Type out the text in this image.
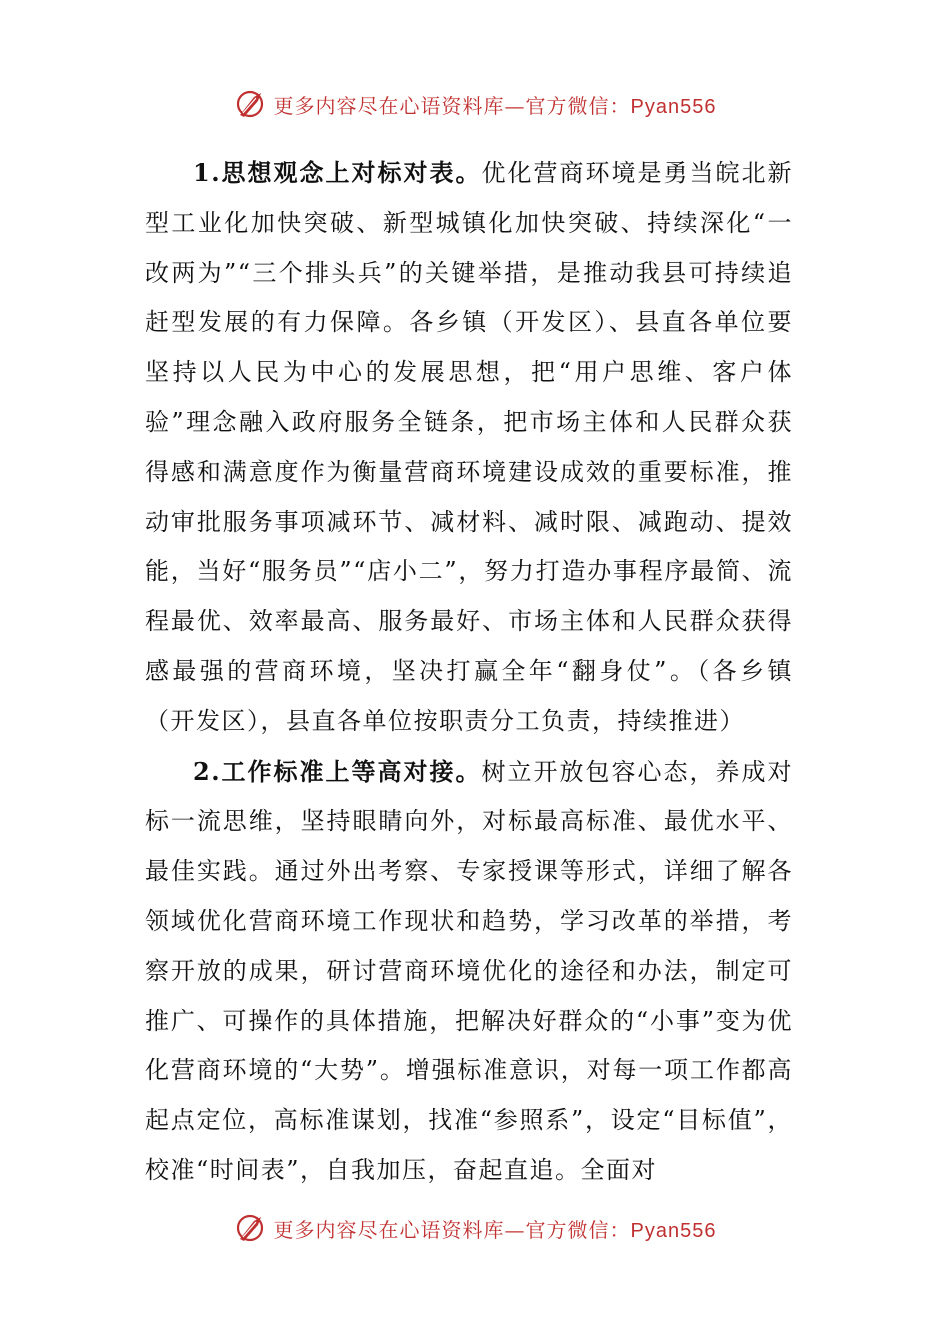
更多内容尽在心语资料库—官方微信：Pyan556

1.思想观念上对标对表。优化营商环境是勇当皖北新型工业化加快突破、新型城镇化加快突破、持续深化“一改两为”“三个排头兵”的关键举措，是推动我县可持续追赶型发展的有力保障。各乡镇（开发区）、县直各单位要坚持以人民为中心的发展思想，把“用户思维、客户体验”理念融入政府服务全链条，把市场主体和人民群众获得感和满意度作为衡量营商环境建设成效的重要标准，推动审批服务事项减环节、减材料、减时限、减跑动、提效能，当好“服务员”“店小二”，努力打造办事程序最简、流程最优、效率最高、服务最好、市场主体和人民群众获得感最强的营商环境，坚决打赢全年“翻身仗”。（各乡镇（开发区），县直各单位按职责分工负责，持续推进）

2.工作标准上等高对接。树立开放包容心态，养成对标一流思维，坚持眼睛向外，对标最高标准、最优水平、最佳实践。通过外出考察、专家授课等形式，详细了解各领域优化营商环境工作现状和趋势，学习改革的举措，考察开放的成果，研讨营商环境优化的途径和办法，制定可推广、可操作的具体措施，把解决好群众的“小事”变为优化营商环境的“大势”。增强标准意识，对每一项工作都高起点定位，高标准谋划，找准“参照系”，设定“目标值”，校准“时间表”，自我加压，奋起直追。全面对

更多内容尽在心语资料库—官方微信：Pyan556
